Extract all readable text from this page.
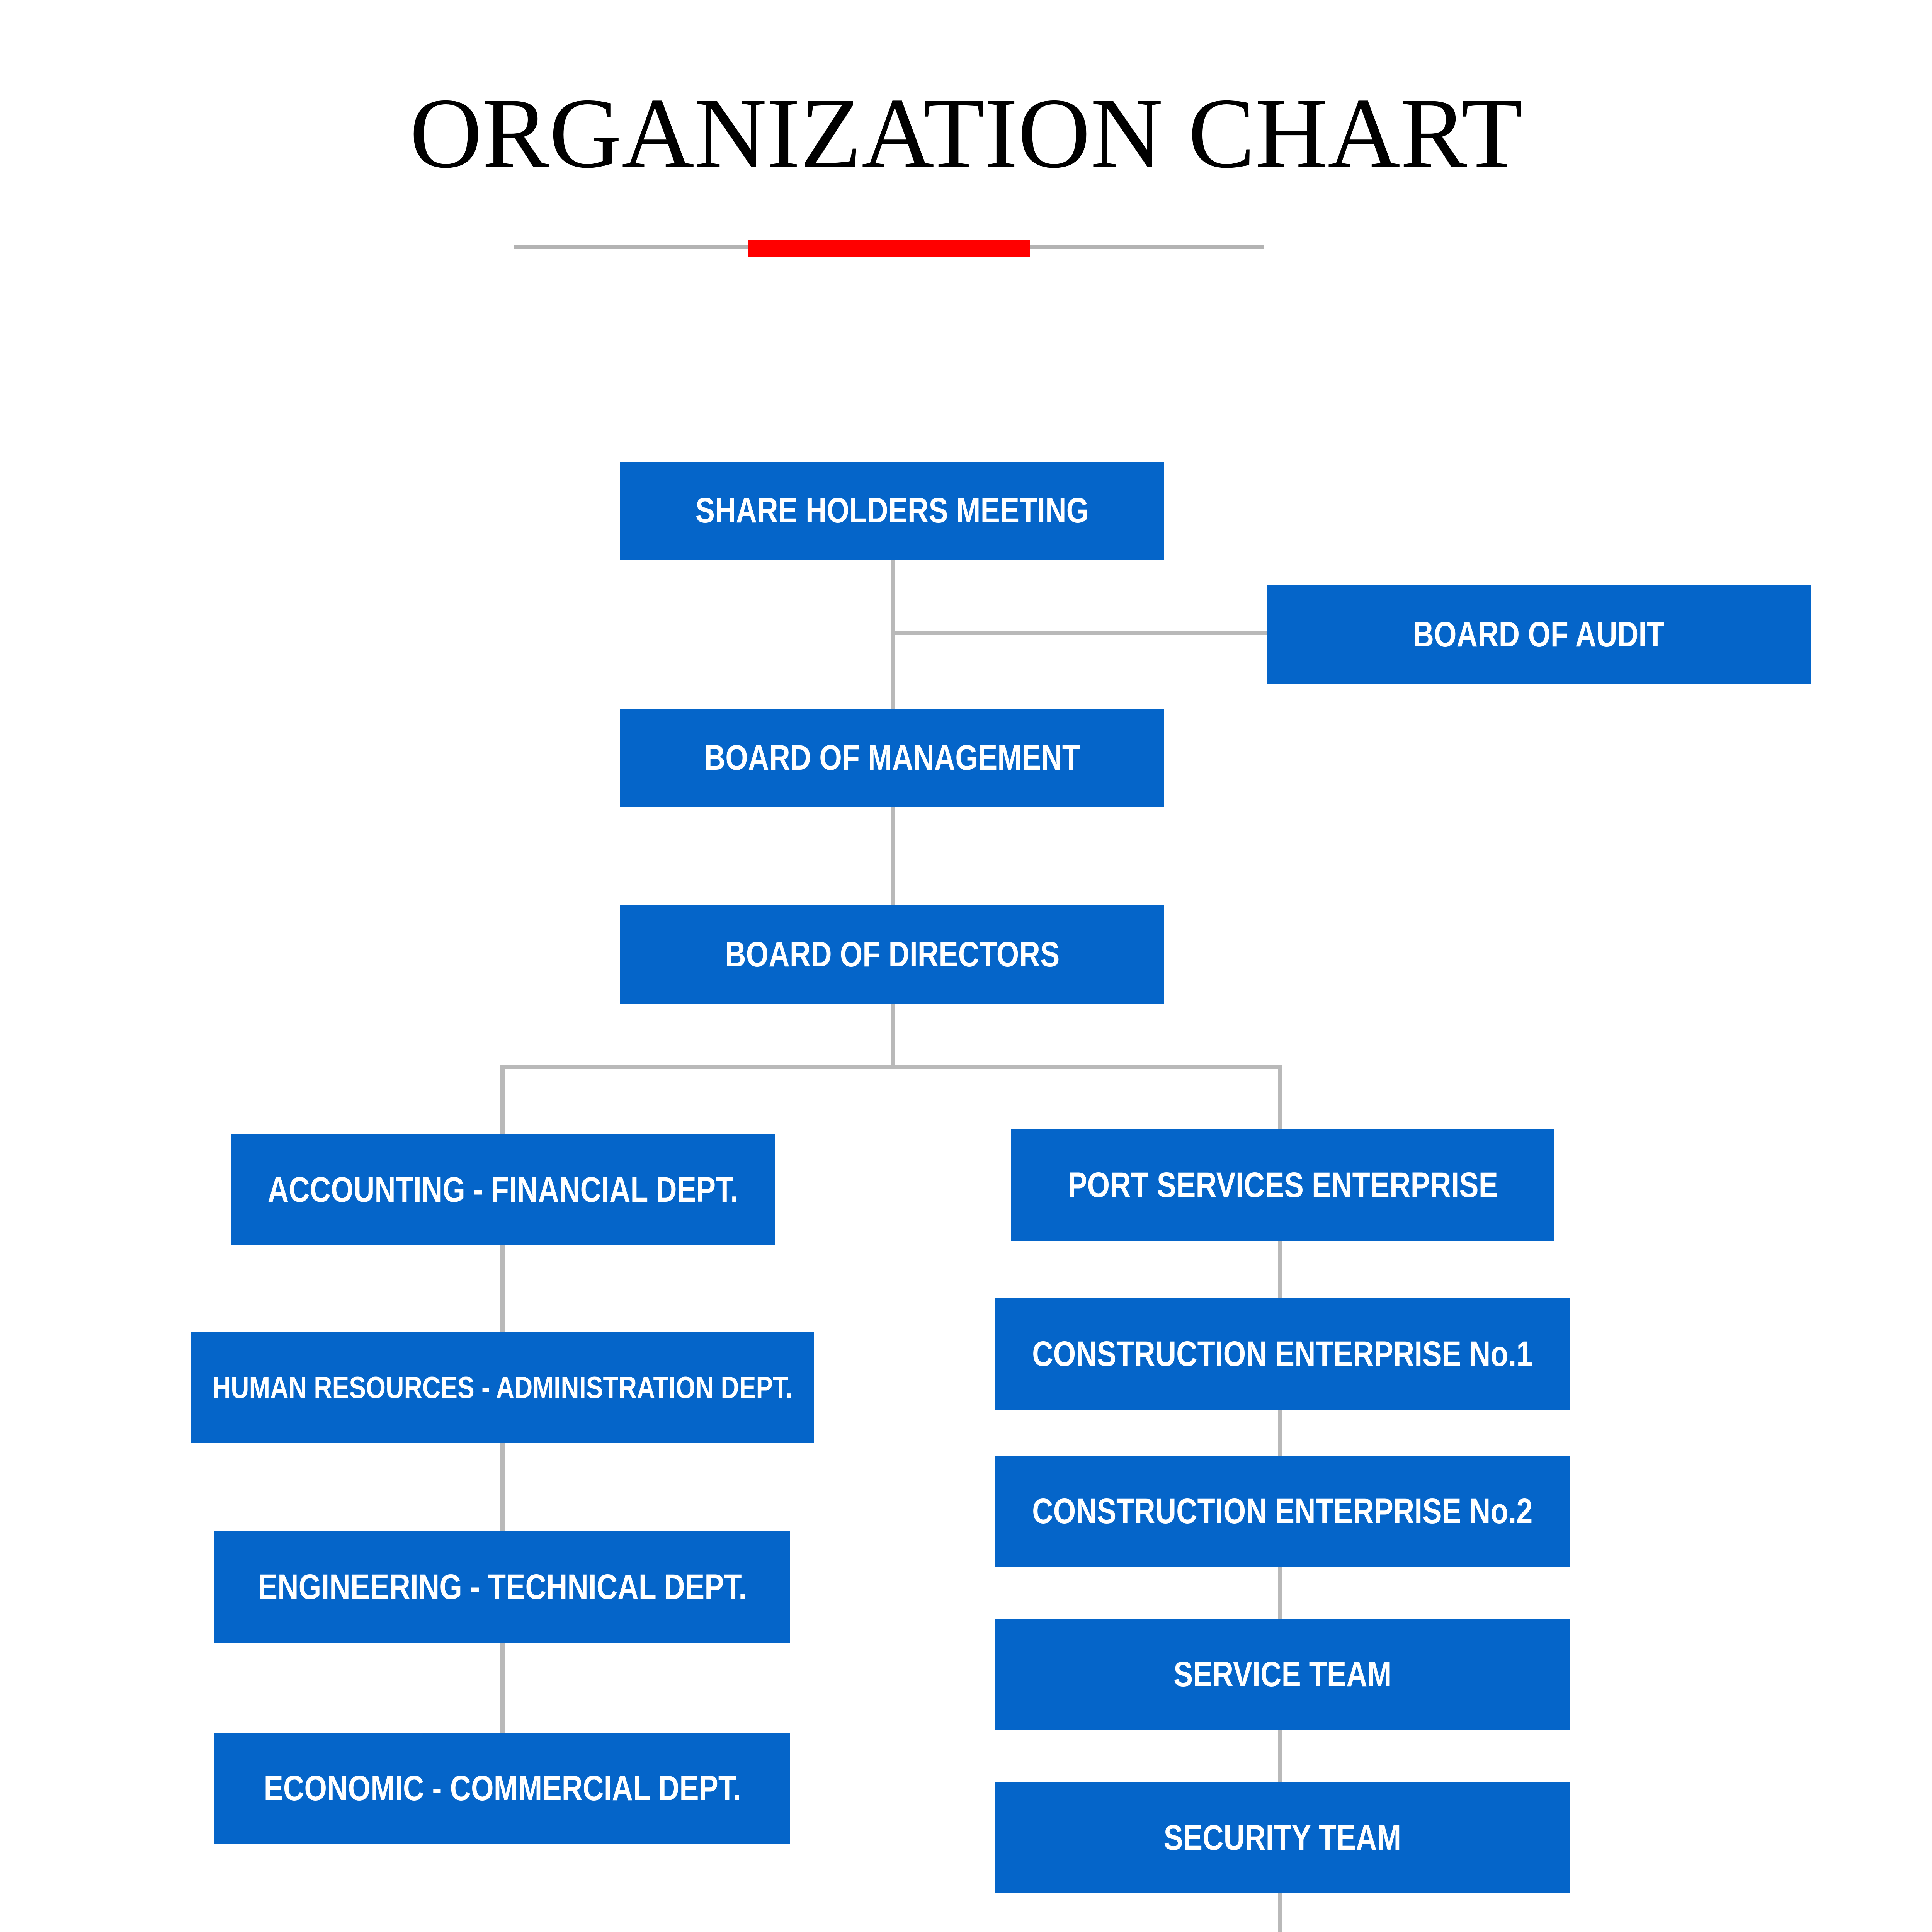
ORGANIZATION CHART
SHARE HOLDERS MEETING
BOARD OF AUDIT
BOARD OF MANAGEMENT
BOARD OF DIRECTORS
ACCOUNTING - FINANCIAL DEPT.
HUMAN RESOURCES - ADMINISTRATION DEPT.
ENGINEERING - TECHNICAL DEPT.
ECONOMIC - COMMERCIAL DEPT.
PORT SERVICES ENTERPRISE
CONSTRUCTION ENTERPRISE No.1
CONSTRUCTION ENTERPRISE No.2
SERVICE TEAM
SECURITY TEAM
